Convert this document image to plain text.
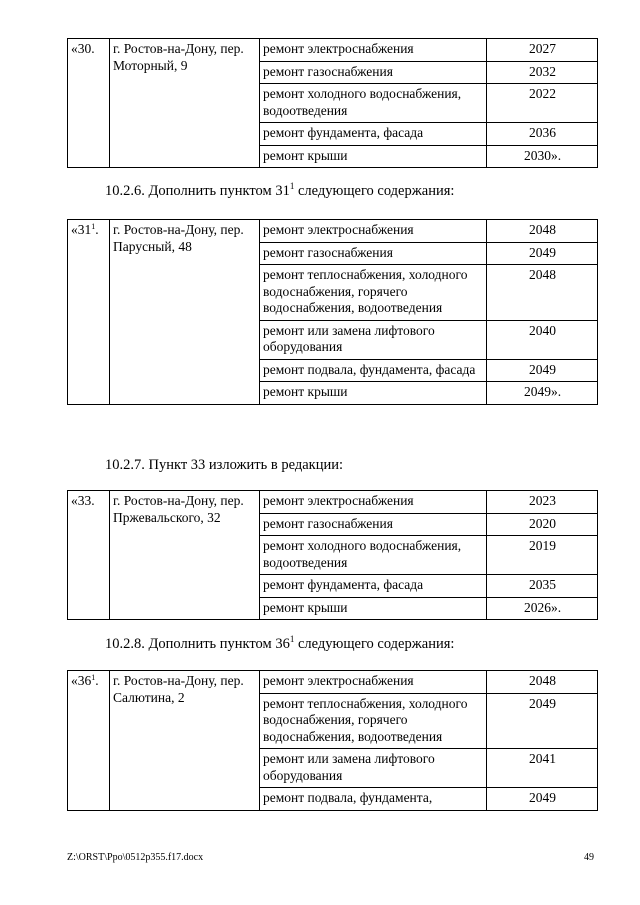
«30.	г. Ростов-на-Дону, пер. Моторный, 9	ремонт электроснабжения	2027
		ремонт газоснабжения	2032
		ремонт холодного водоснабжения, водоотведения	2022
		ремонт фундамента, фасада	2036
		ремонт крыши	2030».
10.2.6. Дополнить пунктом $31^1$ следующего содержания:
«$31^1$.	г. Ростов-на-Дону, пер. Парусный, 48	ремонт электроснабжения	2048
		ремонт газоснабжения	2049
		ремонт теплоснабжения, холодного водоснабжения, горячего водоснабжения, водоотведения	2048
		ремонт или замена лифтового оборудования	2040
		ремонт подвала, фундамента, фасада	2049
		ремонт крыши	2049».
10.2.7. Пункт 33 изложить в редакции:
«33.	г. Ростов-на-Дону, пер. Пржевальского, 32	ремонт электроснабжения	2023
		ремонт газоснабжения	2020
		ремонт холодного водоснабжения, водоотведения	2019
		ремонт фундамента, фасада	2035
		ремонт крыши	2026».
10.2.8. Дополнить пунктом $36^1$ следующего содержания:
«$36^1$.	г. Ростов-на-Дону, пер. Салютина, 2	ремонт электроснабжения	2048
		ремонт теплоснабжения, холодного водоснабжения, горячего водоснабжения, водоотведения	2049
		ремонт или замена лифтового оборудования	2041
		ремонт подвала, фундамента,	2049
Z:\ORST\Ppo\0512p355.f17.docx	49
